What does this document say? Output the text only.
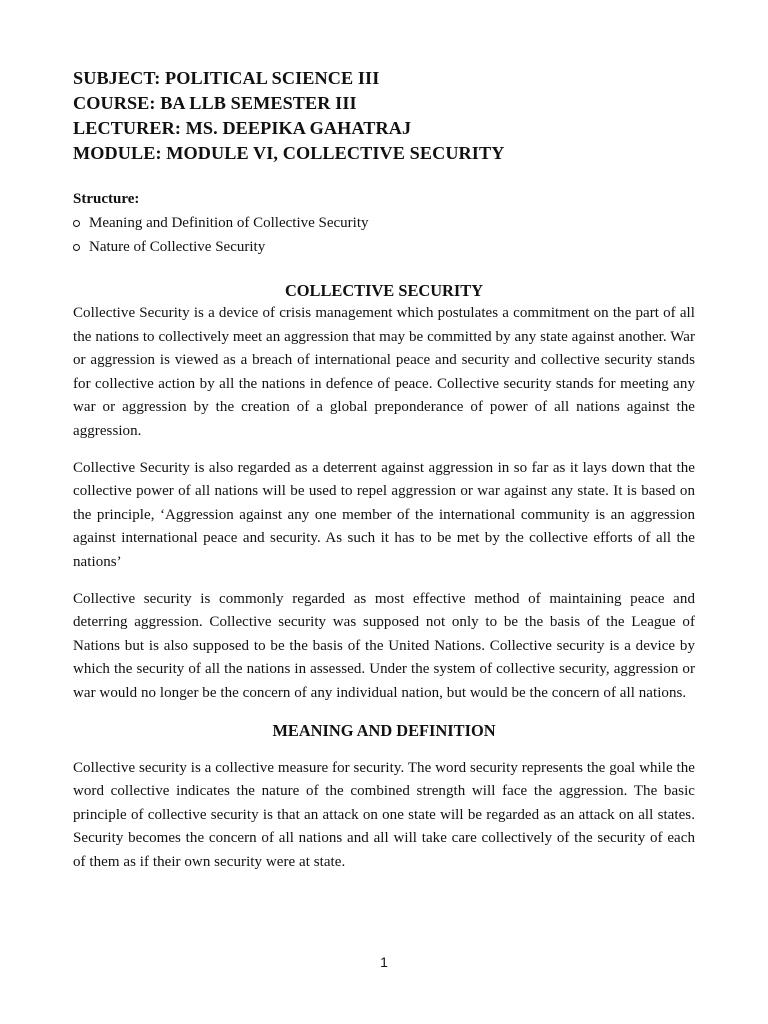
SUBJECT: POLITICAL SCIENCE III
COURSE: BA LLB SEMESTER III
LECTURER: MS. DEEPIKA GAHATRAJ
MODULE: MODULE VI, COLLECTIVE SECURITY
Structure:
Meaning and Definition of Collective Security
Nature of Collective Security
COLLECTIVE SECURITY

Collective Security is a device of crisis management which postulates a commitment on the part of all the nations to collectively meet an aggression that may be committed by any state against another. War or aggression is viewed as a breach of international peace and security and collective security stands for collective action by all the nations in defence of peace. Collective security stands for meeting any war or aggression by the creation of a global preponderance of power of all nations against the aggression.

Collective Security is also regarded as a deterrent against aggression in so far as it lays down that the collective power of all nations will be used to repel aggression or war against any state. It is based on the principle, ‘Aggression against any one member of the international community is an aggression against international peace and security. As such it has to be met by the collective efforts of all the nations’

Collective security is commonly regarded as most effective method of maintaining peace and deterring aggression. Collective security was supposed not only to be the basis of the League of Nations but is also supposed to be the basis of the United Nations. Collective security is a device by which the security of all the nations in assessed. Under the system of collective security, aggression or war would no longer be the concern of any individual nation, but would be the concern of all nations.

MEANING AND DEFINITION

Collective security is a collective measure for security. The word security represents the goal while the word collective indicates the nature of the combined strength will face the aggression. The basic principle of collective security is that an attack on one state will be regarded as an attack on all states. Security becomes the concern of all nations and all will take care collectively of the security of each of them as if their own security were at state.

1
